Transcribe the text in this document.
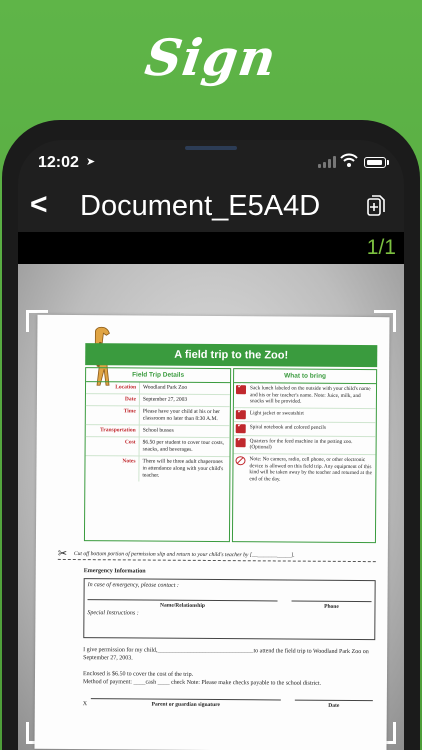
Sign
12:02 ➤
< Document_E5A4D
1/1
A field trip to the Zoo!
Field Trip Details
Location	Woodland Park Zoo
Date	September 27, 2003
Time	Please have your child at his or her classroom no later than 8:30 A.M.
Transportation	School busses
Cost	$6.50 per student to cover tour costs, snacks, and beverages.
Notes	There will be three adult chaperones in attendance along with your child's teacher.
What to bring
✓
Sack lunch labeled on the outside with your child's name and his or her teacher's name. Note: Juice, milk, and snacks will be provided.
✓
Light jacket or sweatshirt
✓
Spiral notebook and colored pencils
✓
Quarters for the feed machine in the petting zoo. (Optional)
Note: No camera, radio, cell phone, or other electronic device is allowed on this field trip. Any equipment of this kind will be taken away by the teacher and returned at the end of the day.
✂	Cut off bottom portion of permission slip and return to your child's teacher by [______________].
Emergency Information
In case of emergency, please contact :
Name/Relationship	Phone
Special Instructions :
I give permission for my child,________________________________to attend the field trip to Woodland Park Zoo on September 27, 2003.
Enclosed is $6.50 to cover the cost of the trip.
Method of payment: ____cash ____ check Note: Please make checks payable to the school district.
X	Parent or guardian signature	Date
